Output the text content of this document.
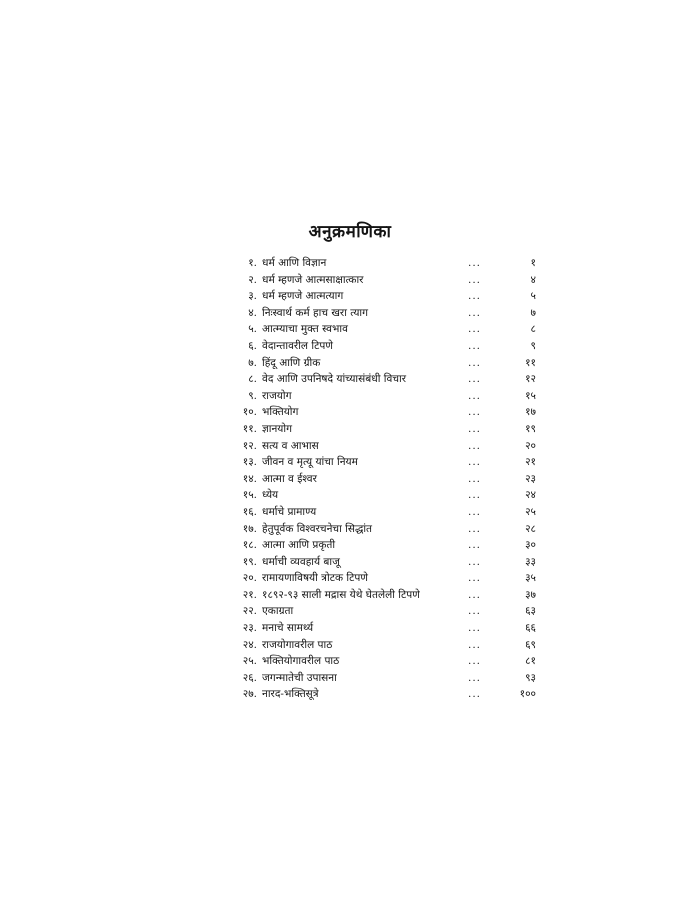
अनुक्रमणिका
१. धर्म आणि विज्ञान	...	१
२. धर्म म्हणजे आत्मसाक्षात्कार	...	४
३. धर्म म्हणजे आत्मत्याग	...	५
४. निःस्वार्थ कर्म हाच खरा त्याग	...	७
५. आत्म्याचा मुक्त स्वभाव	...	८
६. वेदान्तावरील टिपणे	...	९
७. हिंदू आणि ग्रीक	...	११
८. वेद आणि उपनिषदे यांच्यासंबंधी विचार	...	१२
९. राजयोग	...	१५
१०. भक्तियोग	...	१७
११. ज्ञानयोग	...	१९
१२. सत्य व आभास	...	२०
१३. जीवन व मृत्यू यांचा नियम	...	२१
१४. आत्मा व ईश्वर	...	२३
१५. ध्येय	...	२४
१६. धर्माचे प्रामाण्य	...	२५
१७. हेतुपूर्वक विश्वरचनेचा सिद्धांत	...	२८
१८. आत्मा आणि प्रकृती	...	३०
१९. धर्माची व्यवहार्य बाजू	...	३३
२०. रामायणाविषयी त्रोटक टिपणे	...	३५
२१. १८९२-९३ साली मद्रास येथे घेतलेली टिपणे	...	३७
२२. एकाग्रता	...	६३
२३. मनाचे सामर्थ्य	...	६६
२४. राजयोगावरील पाठ	...	६९
२५. भक्तियोगावरील पाठ	...	८१
२६. जगन्मातेची उपासना	...	९३
२७. नारद-भक्तिसूत्रे	...	१००
